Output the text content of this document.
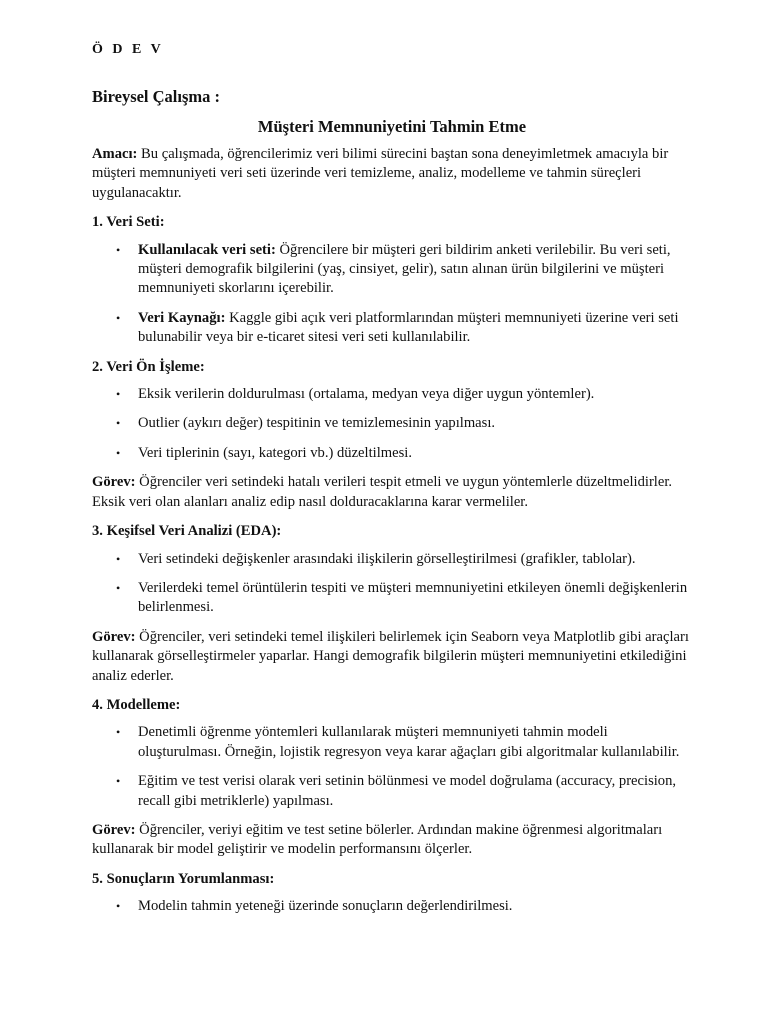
Ö D E V

Bireysel Çalışma :

Müşteri Memnuniyetini Tahmin Etme

Amacı: Bu çalışmada, öğrencilerimiz veri bilimi sürecini baştan sona deneyimletmek amacıyla bir müşteri memnuniyeti veri seti üzerinde veri temizleme, analiz, modelleme ve tahmin süreçleri uygulanacaktır.

1. Veri Seti:

• Kullanılacak veri seti: Öğrencilere bir müşteri geri bildirim anketi verilebilir. Bu veri seti, müşteri demografik bilgilerini (yaş, cinsiyet, gelir), satın alınan ürün bilgilerini ve müşteri memnuniyeti skorlarını içerebilir.
• Veri Kaynağı: Kaggle gibi açık veri platformlarından müşteri memnuniyeti üzerine veri seti bulunabilir veya bir e-ticaret sitesi veri seti kullanılabilir.

2. Veri Ön İşleme:

• Eksik verilerin doldurulması (ortalama, medyan veya diğer uygun yöntemler).
• Outlier (aykırı değer) tespitinin ve temizlemesinin yapılması.
• Veri tiplerinin (sayı, kategori vb.) düzeltilmesi.

Görev: Öğrenciler veri setindeki hatalı verileri tespit etmeli ve uygun yöntemlerle düzeltmelidirler. Eksik veri olan alanları analiz edip nasıl dolduracaklarına karar vermeliler.

3. Keşifsel Veri Analizi (EDA):

• Veri setindeki değişkenler arasındaki ilişkilerin görselleştirilmesi (grafikler, tablolar).
• Verilerdeki temel örüntülerin tespiti ve müşteri memnuniyetini etkileyen önemli değişkenlerin belirlenmesi.

Görev: Öğrenciler, veri setindeki temel ilişkileri belirlemek için Seaborn veya Matplotlib gibi araçları kullanarak görselleştirmeler yaparlar. Hangi demografik bilgilerin müşteri memnuniyetini etkilediğini analiz ederler.

4. Modelleme:

• Denetimli öğrenme yöntemleri kullanılarak müşteri memnuniyeti tahmin modeli oluşturulması. Örneğin, lojistik regresyon veya karar ağaçları gibi algoritmalar kullanılabilir.
• Eğitim ve test verisi olarak veri setinin bölünmesi ve model doğrulama (accuracy, precision, recall gibi metriklerle) yapılması.

Görev: Öğrenciler, veriyi eğitim ve test setine bölerler. Ardından makine öğrenmesi algoritmaları kullanarak bir model geliştirir ve modelin performansını ölçerler.

5. Sonuçların Yorumlanması:

• Modelin tahmin yeteneği üzerinde sonuçların değerlendirilmesi.
